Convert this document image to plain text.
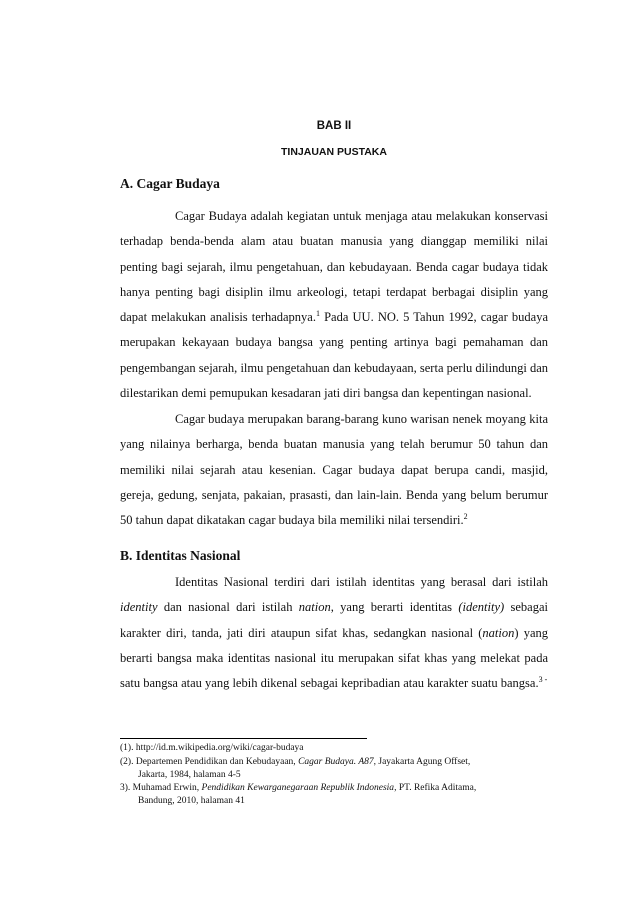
BAB II
TINJAUAN PUSTAKA
A. Cagar Budaya

Cagar Budaya adalah kegiatan untuk menjaga atau melakukan konservasi terhadap benda-benda alam atau buatan manusia yang dianggap memiliki nilai penting bagi sejarah, ilmu pengetahuan, dan kebudayaan. Benda cagar budaya tidak hanya penting bagi disiplin ilmu arkeologi, tetapi terdapat berbagai disiplin yang dapat melakukan analisis terhadapnya.$^1$ Pada UU. NO. 5 Tahun 1992, cagar budaya merupakan kekayaan budaya bangsa yang penting artinya bagi pemahaman dan pengembangan sejarah, ilmu pengetahuan dan kebudayaan, serta perlu dilindungi dan dilestarikan demi pemupukan kesadaran jati diri bangsa dan kepentingan nasional.

Cagar budaya merupakan barang-barang kuno warisan nenek moyang kita yang nilainya berharga, benda buatan manusia yang telah berumur 50 tahun dan memiliki nilai sejarah atau kesenian. Cagar budaya dapat berupa candi, masjid, gereja, gedung, senjata, pakaian, prasasti, dan lain-lain. Benda yang belum berumur 50 tahun dapat dikatakan cagar budaya bila memiliki nilai tersendiri.$^2$

B. Identitas Nasional

Identitas Nasional terdiri dari istilah identitas yang berasal dari istilah identity dan nasional dari istilah nation, yang berarti identitas (identity) sebagai karakter diri, tanda, jati diri ataupun sifat khas, sedangkan nasional (nation) yang berarti bangsa maka identitas nasional itu merupakan sifat khas yang melekat pada satu bangsa atau yang lebih dikenal sebagai kepribadian atau karakter suatu bangsa.$^{3 -}$

(1). http://id.m.wikipedia.org/wiki/cagar-budaya
(2). Departemen Pendidikan dan Kebudayaan, Cagar Budaya. A87, Jayakarta Agung Offset,
Jakarta, 1984, halaman 4-5
3). Muhamad Erwin, Pendidikan Kewarganegaraan Republik Indonesia, PT. Refika Aditama,
Bandung, 2010, halaman 41
